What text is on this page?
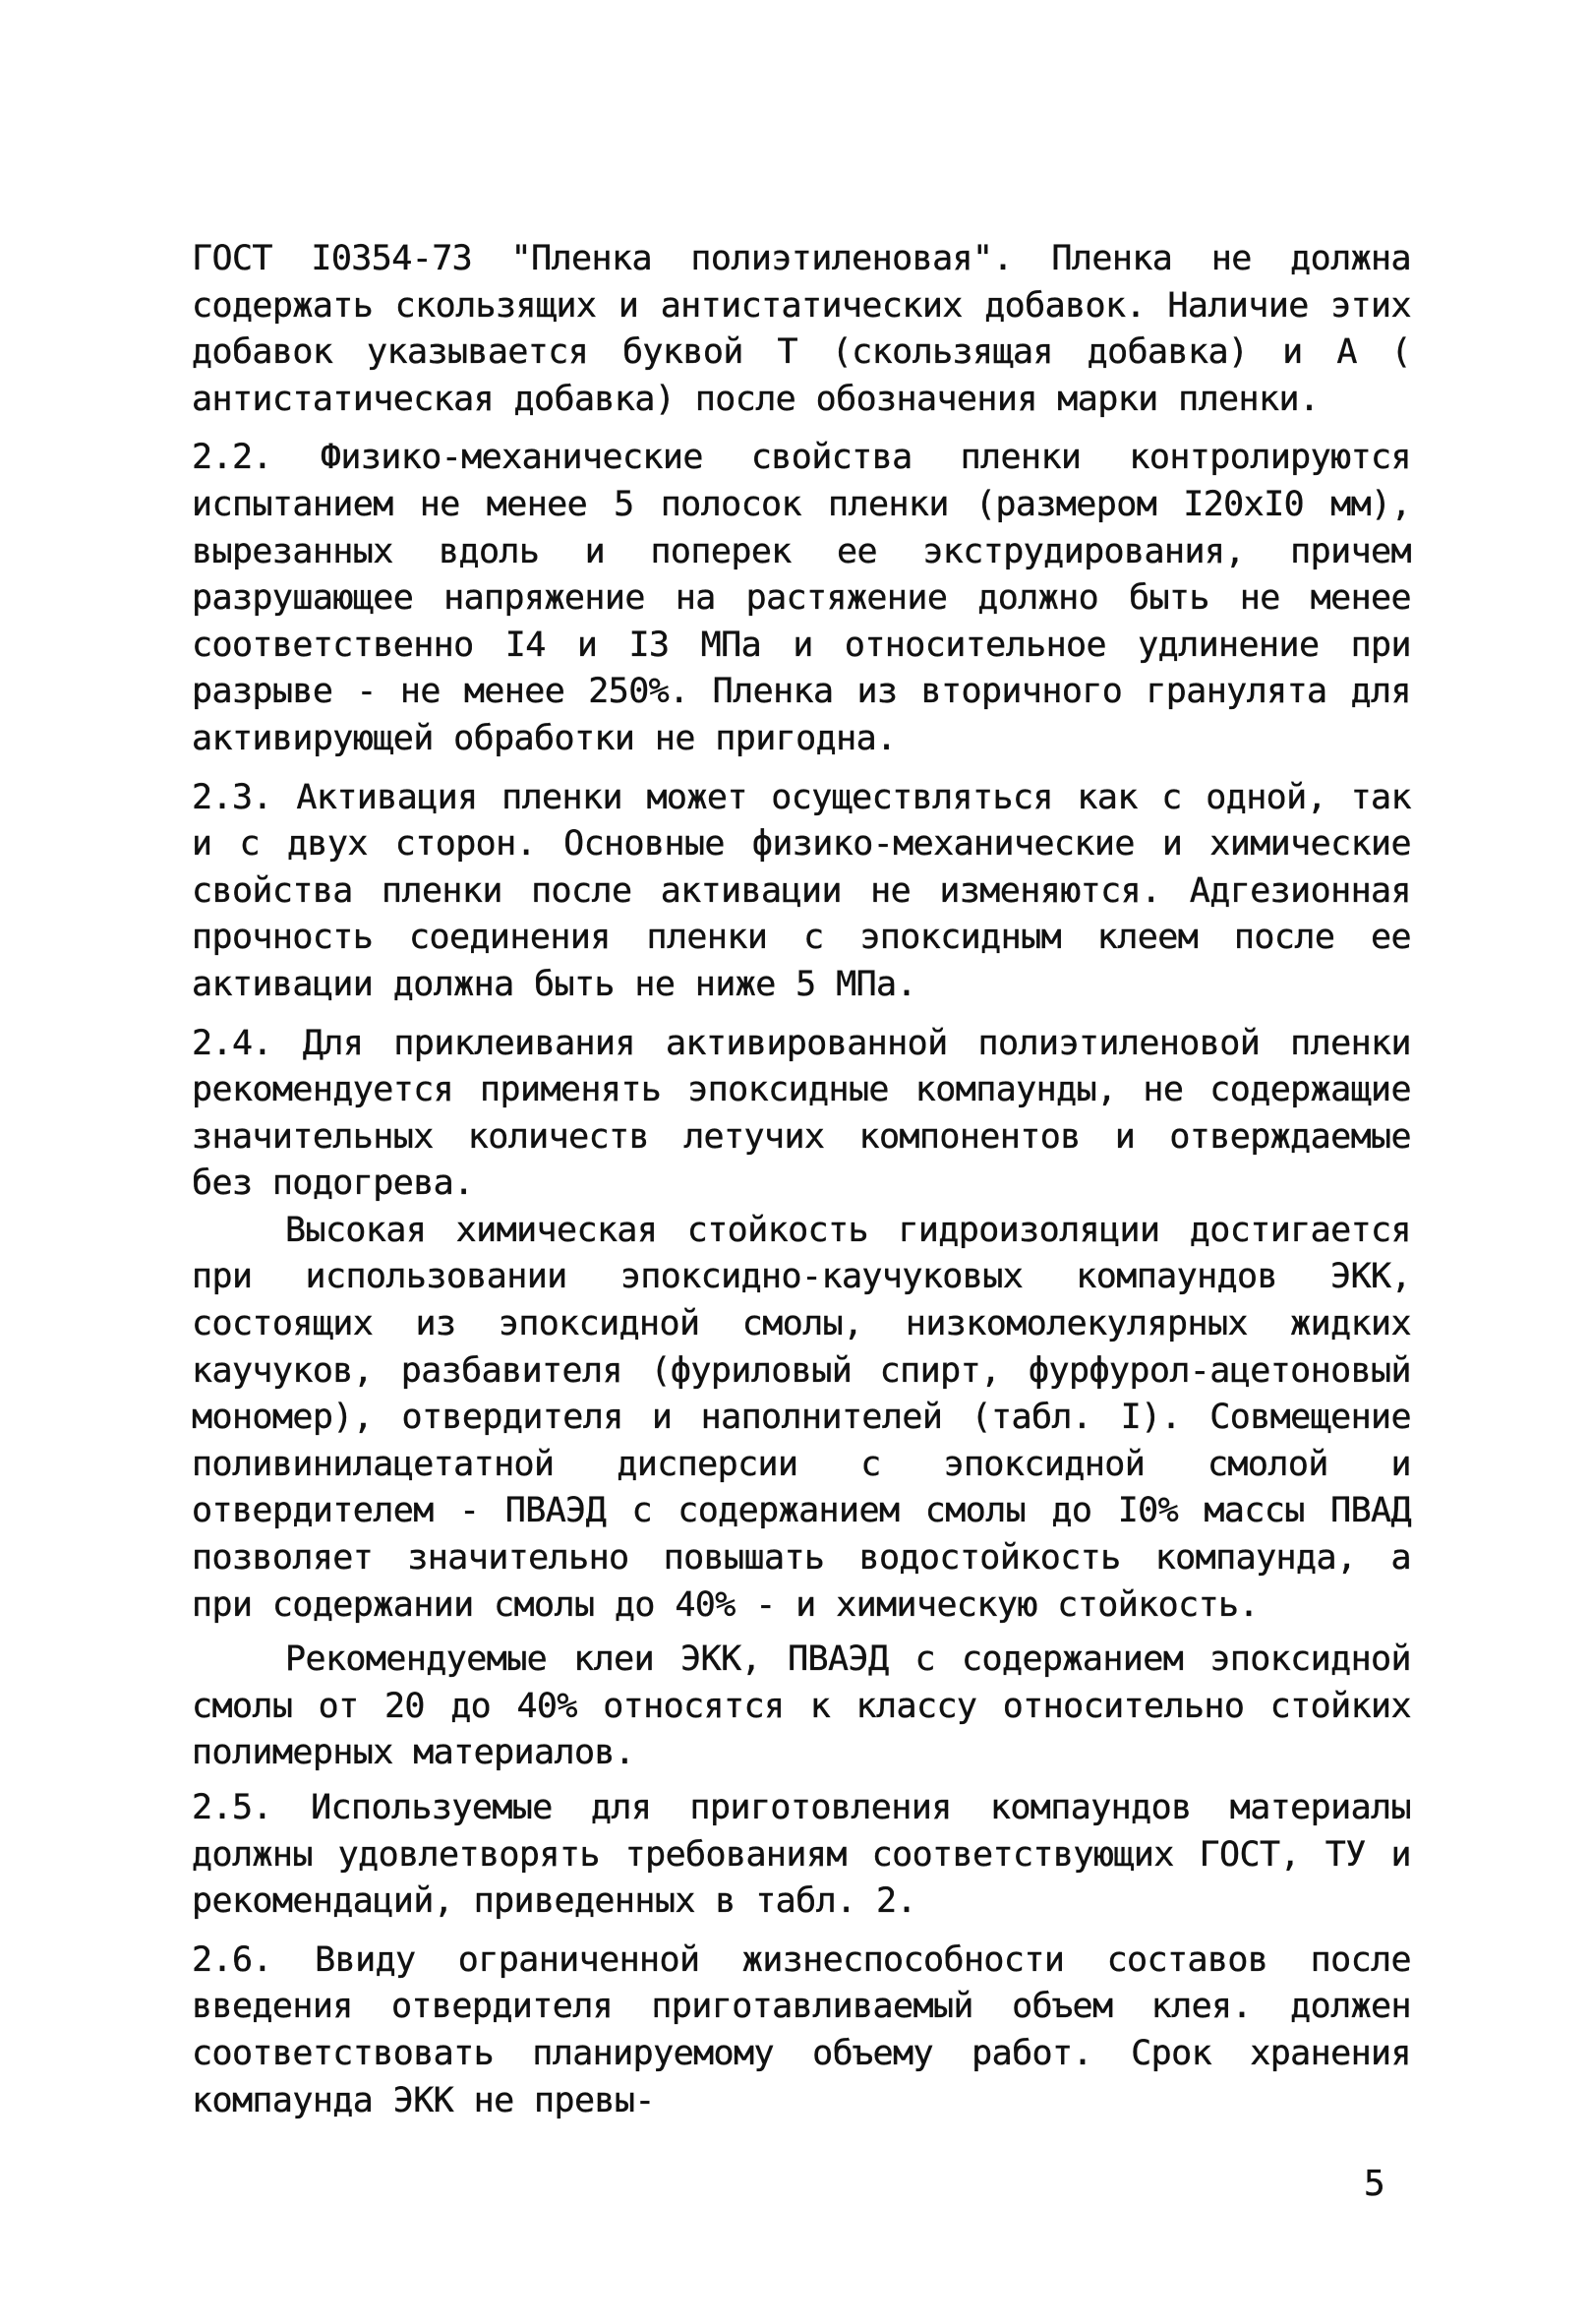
ГОСТ I0354-73 "Пленка полиэтиленовая". Пленка не должна содержать скользящих и антистатических добавок. Наличие этих добавок указывается буквой Т (скользящая добавка) и А ( антистатическая добавка) после обозначения марки пленки.

2.2. Физико-механические свойства пленки контролируются испытанием не менее 5 полосок пленки (размером I20xI0 мм), вырезанных вдоль и поперек ее экструдирования, причем разрушающее напряжение на растяжение должно быть не менее соответственно I4 и I3 МПа и относительное удлинение при разрыве - не менее 250%. Пленка из вторичного гранулята для активирующей обработки не пригодна.

2.3. Активация пленки может осуществляться как с одной, так и с двух сторон. Основные физико-механические и химические свойства пленки после активации не изменяются. Адгезионная прочность соединения пленки с эпоксидным клеем после ее активации должна быть не ниже 5 МПа.

2.4. Для приклеивания активированной полиэтиленовой пленки рекомендуется применять эпоксидные компаунды, не содержащие значительных количеств летучих компонентов и отверждаемые без подогрева.

Высокая химическая стойкость гидроизоляции достигается при использовании эпоксидно-каучуковых компаундов ЭКК, состоящих из эпоксидной смолы, низкомолекулярных жидких каучуков, разбавителя (фуриловый спирт, фурфурол-ацетоновый мономер), отвердителя и наполнителей (табл. I). Совмещение поливинилацетатной дисперсии с эпоксидной смолой и отвердителем - ПВАЭД с содержанием смолы до I0% массы ПВАД позволяет значительно повышать водостойкость компаунда, а при содержании смолы до 40% - и химическую стойкость.

Рекомендуемые клеи ЭКК, ПВАЭД с содержанием эпоксидной смолы от 20 до 40% относятся к классу относительно стойких полимерных материалов.

2.5. Используемые для приготовления компаундов материалы должны удовлетворять требованиям соответствующих ГОСТ, ТУ и рекомендаций, приведенных в табл. 2.

2.6. Ввиду ограниченной жизнеспособности составов после введения отвердителя приготавливаемый объем клея. должен соответствовать планируемому объему работ. Срок хранения компаунда ЭКК не превы-

5
